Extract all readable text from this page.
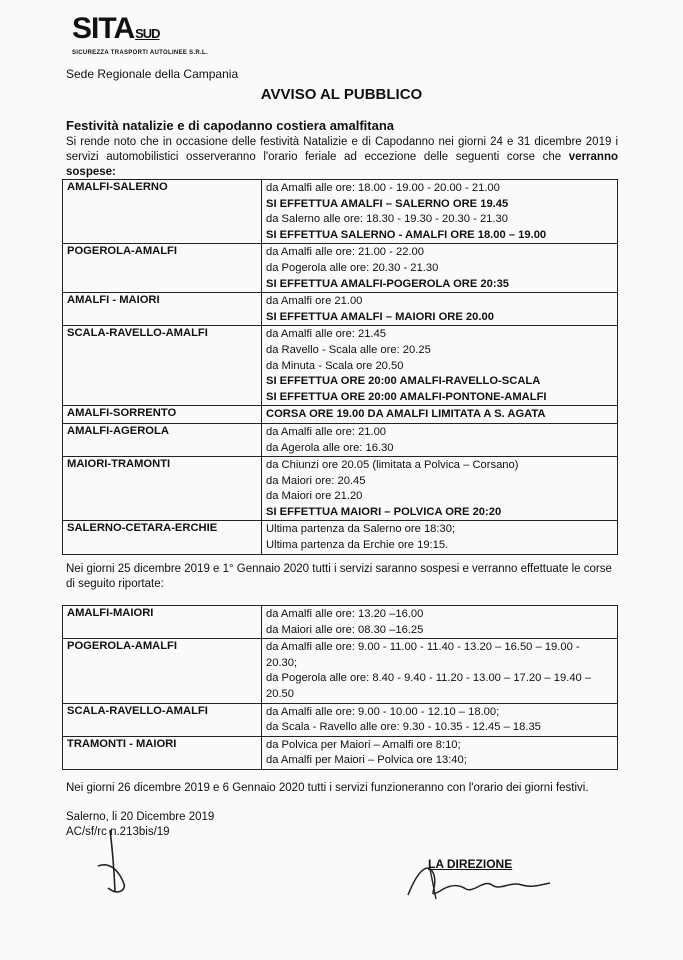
SITASUD
SICUREZZA TRASPORTI AUTOLINEE S.R.L.
Sede Regionale della Campania
AVVISO AL PUBBLICO
Festività natalizie e di capodanno costiera amalfitana
Si rende noto che in occasione delle festività Natalizie e di Capodanno nei giorni 24 e 31 dicembre 2019 i servizi automobilistici osserveranno l'orario feriale ad eccezione delle seguenti corse che verranno sospese:
AMALFI-SALERNO	da Amalfi alle ore: 18.00 - 19.00 - 20.00 - 21.00
SI EFFETTUA AMALFI – SALERNO ORE 19.45
da Salerno alle ore: 18.30 - 19.30 - 20.30 - 21.30
SI EFFETTUA SALERNO - AMALFI ORE 18.00 – 19.00

POGEROLA-AMALFI	da Amalfi alle ore: 21.00 - 22.00
da Pogerola alle ore: 20.30 - 21.30
SI EFFETTUA AMALFI-POGEROLA ORE 20:35

AMALFI - MAIORI	da Amalfi ore 21.00
SI EFFETTUA AMALFI – MAIORI ORE 20.00

SCALA-RAVELLO-AMALFI	da Amalfi alle ore: 21.45
da Ravello - Scala alle ore: 20.25
da Minuta - Scala ore 20.50
SI EFFETTUA ORE 20:00 AMALFI-RAVELLO-SCALA
SI EFFETTUA ORE 20:00 AMALFI-PONTONE-AMALFI

AMALFI-SORRENTO	CORSA ORE 19.00 DA AMALFI LIMITATA A S. AGATA

AMALFI-AGEROLA	da Amalfi alle ore: 21.00
da Agerola alle ore: 16.30

MAIORI-TRAMONTI	da Chiunzi ore 20.05 (limitata a Polvica – Corsano)
da Maiori ore: 20.45
da Maiori ore 21.20
SI EFFETTUA MAIORI – POLVICA ORE 20:20

SALERNO-CETARA-ERCHIE	Ultima partenza da Salerno ore 18:30;
Ultima partenza da Erchie ore 19:15.
Nei giorni 25 dicembre 2019 e 1° Gennaio 2020 tutti i servizi saranno sospesi e verranno effettuate le corse di seguito riportate:
AMALFI-MAIORI	da Amalfi alle ore: 13.20 –16.00
da Maiori alle ore: 08.30 –16.25

POGEROLA-AMALFI	da Amalfi alle ore: 9.00 - 11.00 - 11.40 - 13.20 – 16.50 – 19.00 -
20.30;
da Pogerola alle ore: 8.40 - 9.40 - 11.20 - 13.00 – 17.20 – 19.40 –
20.50

SCALA-RAVELLO-AMALFI	da Amalfi alle ore: 9.00 - 10.00 - 12.10 – 18.00;
da Scala - Ravello alle ore: 9.30 - 10.35 - 12.45 – 18.35

TRAMONTI - MAIORI	da Polvica per Maiori – Amalfi ore 8:10;
da Amalfi per Maiori – Polvica ore 13:40;
Nei giorni 26 dicembre 2019 e 6 Gennaio 2020 tutti i servizi funzioneranno con l'orario dei giorni festivi.
Salerno, li 20 Dicembre 2019
AC/sf/rc n.213bis/19
LA DIREZIONE
